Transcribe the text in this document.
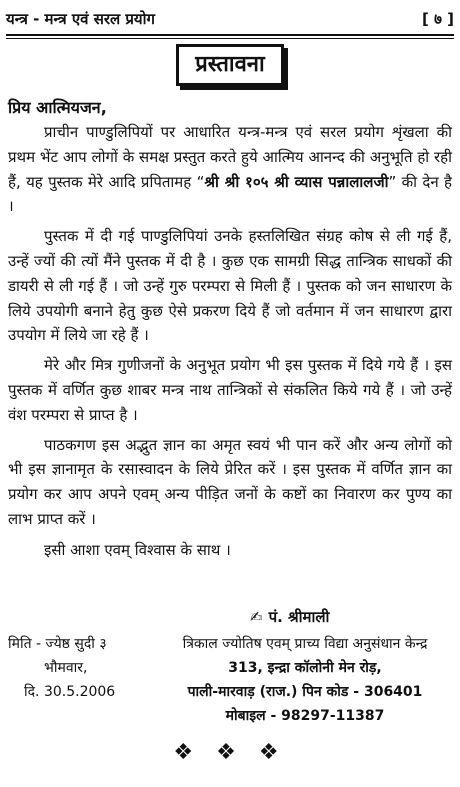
यन्त्र - मन्त्र एवं सरल प्रयोग	[ ७ ]
प्रस्तावना
प्रिय आत्मियजन,

प्राचीन पाण्डुलिपियों पर आधारित यन्त्र-मन्त्र एवं सरल प्रयोग शृंखला की प्रथम भेंट आप लोगों के समक्ष प्रस्तुत करते हुये आत्मिय आनन्द की अनुभूति हो रही हैं, यह पुस्तक मेरे आदि प्रपितामह “श्री श्री १०५ श्री व्यास पन्नालालजी” की देन है ।

पुस्तक में दी गई पाण्डुलिपियां उनके हस्तलिखित संग्रह कोष से ली गई हैं, उन्हें ज्यों की त्यों मैंने पुस्तक में दी है । कुछ एक सामग्री सिद्ध तान्त्रिक साधकों की डायरी से ली गई हैं । जो उन्हें गुरु परम्परा से मिली हैं । पुस्तक को जन साधारण के लिये उपयोगी बनाने हेतु कुछ ऐसे प्रकरण दिये हैं जो वर्तमान में जन साधारण द्वारा उपयोग में लिये जा रहे हैं ।

मेरे और मित्र गुणीजनों के अनुभूत प्रयोग भी इस पुस्तक में दिये गये हैं । इस पुस्तक में वर्णित कुछ शाबर मन्त्र नाथ तान्त्रिकों से संकलित किये गये हैं । जो उन्हें वंश परम्परा से प्राप्त है ।

पाठकगण इस अद्भुत ज्ञान का अमृत स्वयं भी पान करें और अन्य लोगों को भी इस ज्ञानामृत के रसास्वादन के लिये प्रेरित करें । इस पुस्तक में वर्णित ज्ञान का प्रयोग कर आप अपने एवम् अन्य पीड़ित जनों के कष्टों का निवारण कर पुण्य का लाभ प्राप्त करें ।

इसी आशा एवम् विश्वास के साथ ।

✍ पं. श्रीमाली
मिति - ज्येष्ठ सुदी ३
भौमवार,
दि. 30.5.2006
त्रिकाल ज्योतिष एवम् प्राच्य विद्या अनुसंधान केन्द्र
313, इन्द्रा कॉलोनी मेन रोड़,
पाली-मारवाड़ (राज.) पिन कोड - 306401
मोबाइल - 98297-11387
❖ ❖ ❖
